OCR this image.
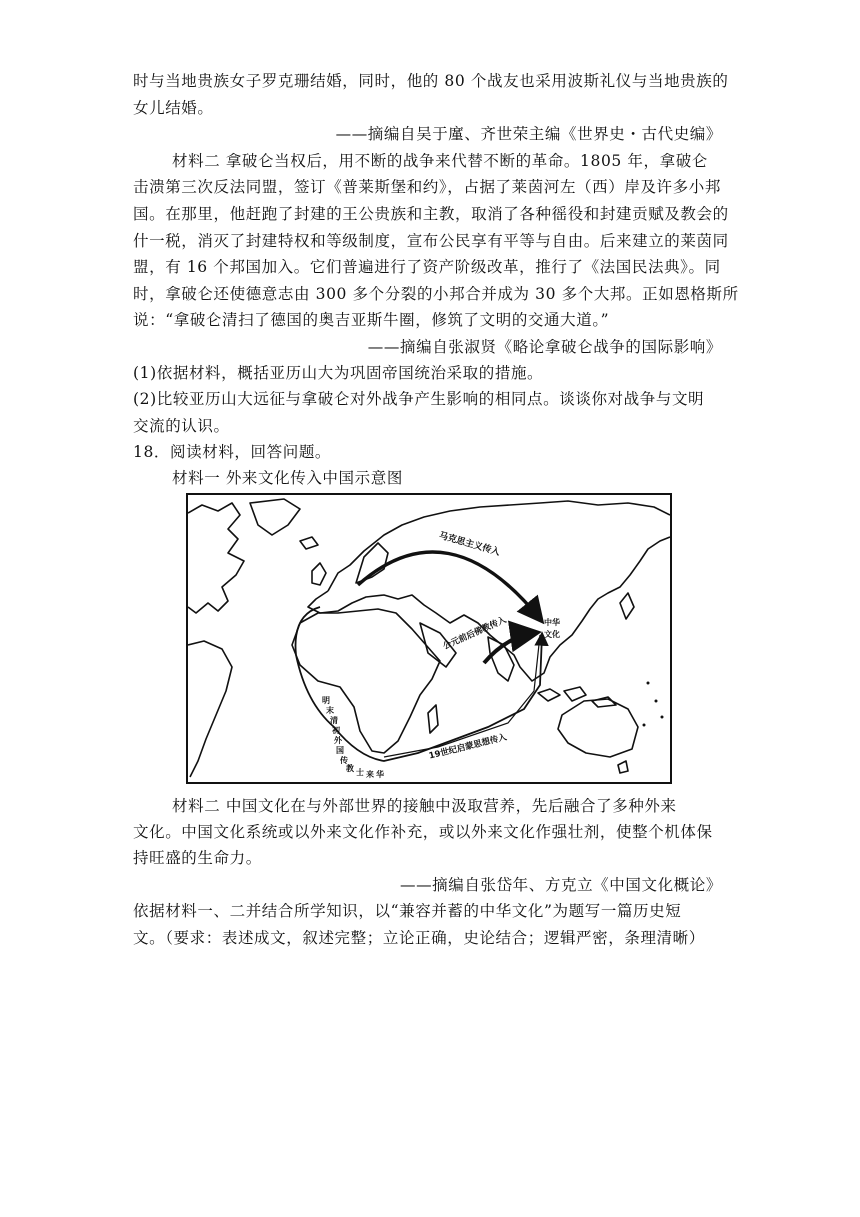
时与当地贵族女子罗克珊结婚，同时，他的 80 个战友也采用波斯礼仪与当地贵族的
女儿结婚。
——摘编自吴于廑、齐世荣主编《世界史・古代史编》
材料二 拿破仑当权后，用不断的战争来代替不断的革命。1805 年，拿破仑
击溃第三次反法同盟，签订《普莱斯堡和约》，占据了莱茵河左（西）岸及许多小邦
国。在那里，他赶跑了封建的王公贵族和主教，取消了各种徭役和封建贡赋及教会的
什一税，消灭了封建特权和等级制度，宣布公民享有平等与自由。后来建立的莱茵同
盟，有 16 个邦国加入。它们普遍进行了资产阶级改革，推行了《法国民法典》。同
时，拿破仑还使德意志由 300 多个分裂的小邦合并成为 30 多个大邦。正如恩格斯所
说：“拿破仑清扫了德国的奥吉亚斯牛圈，修筑了文明的交通大道。”
——摘编自张淑贤《略论拿破仑战争的国际影响》
(1)依据材料，概括亚历山大为巩固帝国统治采取的措施。
(2)比较亚历山大远征与拿破仑对外战争产生影响的相同点。谈谈你对战争与文明
交流的认识。
18．阅读材料，回答问题。
材料一 外来文化传入中国示意图
马克思主义传入
公元前后佛教传入
19世纪启蒙思想传入
中华
文化
明
末
清
初
外
国
传
教 士 来 华
材料二 中国文化在与外部世界的接触中汲取营养，先后融合了多种外来
文化。中国文化系统或以外来文化作补充，或以外来文化作强壮剂，使整个机体保
持旺盛的生命力。
——摘编自张岱年、方克立《中国文化概论》
依据材料一、二并结合所学知识，以“兼容并蓄的中华文化”为题写一篇历史短
文。（要求：表述成文，叙述完整；立论正确，史论结合；逻辑严密，条理清晰）
